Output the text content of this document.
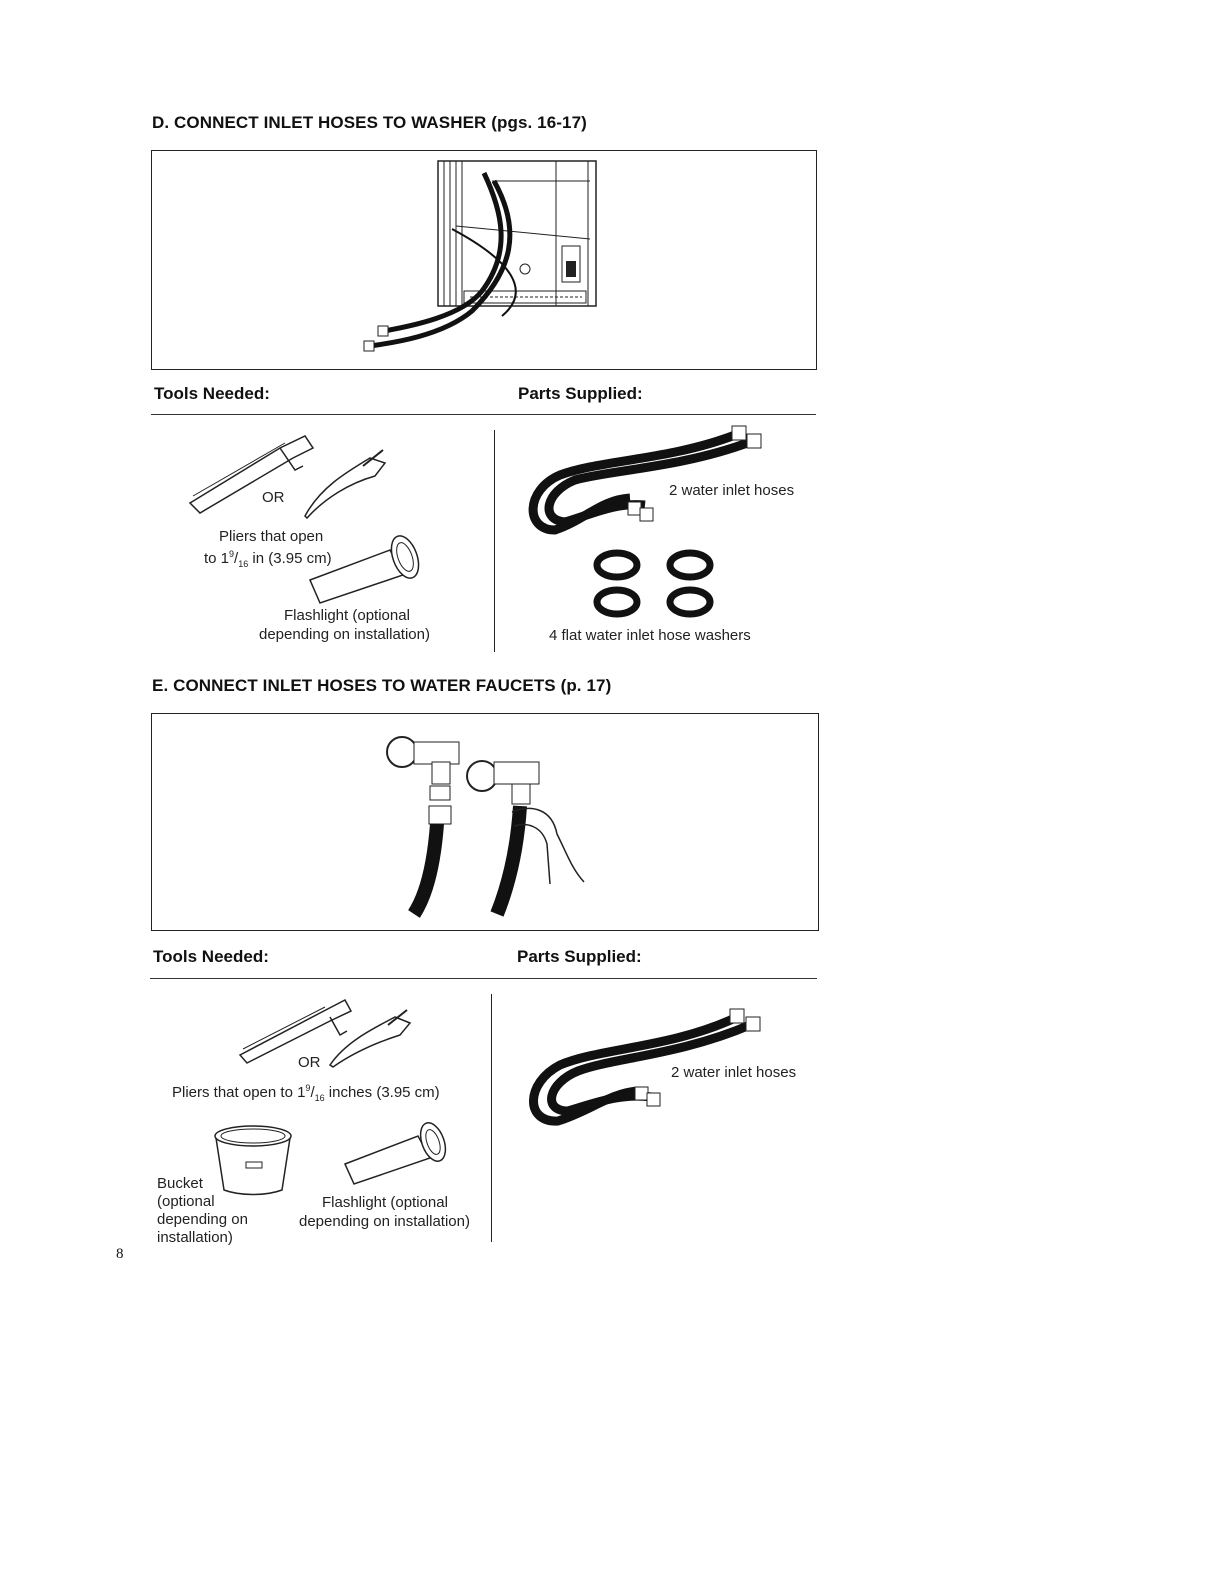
D. CONNECT INLET HOSES TO WASHER (pgs. 16-17)
Tools Needed:	Parts Supplied:
OR
Pliers that open
to $1^9/_{16}$ in (3.95 cm)
Flashlight (optional
depending on installation)
2 water inlet hoses
4 flat water inlet hose washers
E. CONNECT INLET HOSES TO WATER FAUCETS (p. 17)
Tools Needed:	Parts Supplied:
OR
Pliers that open to $1^9/_{16}$ inches (3.95 cm)
Bucket
(optional
depending on
installation)
Flashlight (optional
depending on installation)
2 water inlet hoses
8
